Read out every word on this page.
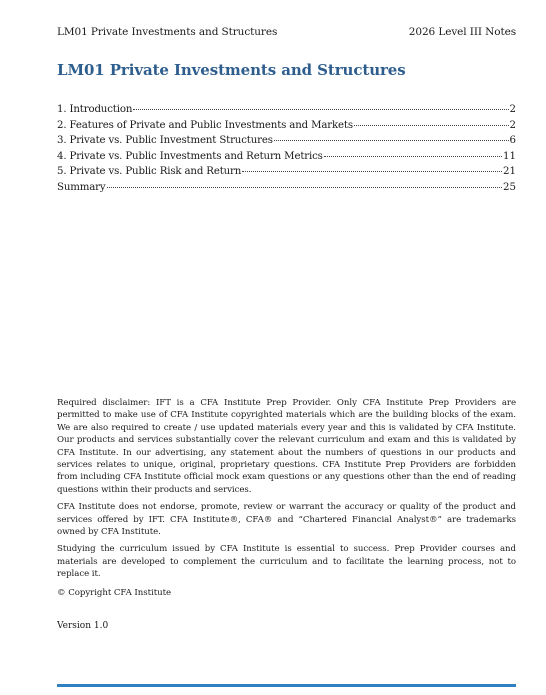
LM01 Private Investments and Structures	2026 Level III Notes
LM01 Private Investments and Structures
1. Introduction	2
2. Features of Private and Public Investments and Markets	2
3. Private vs. Public Investment Structures	6
4. Private vs. Public Investments and Return Metrics	11
5. Private vs. Public Risk and Return	21
Summary	25

Required disclaimer: IFT is a CFA Institute Prep Provider. Only CFA Institute Prep Providers are permitted to make use of CFA Institute copyrighted materials which are the building blocks of the exam. We are also required to create / use updated materials every year and this is validated by CFA Institute. Our products and services substantially cover the relevant curriculum and exam and this is validated by CFA Institute. In our advertising, any statement about the numbers of questions in our products and services relates to unique, original, proprietary questions. CFA Institute Prep Providers are forbidden from including CFA Institute official mock exam questions or any questions other than the end of reading questions within their products and services.

CFA Institute does not endorse, promote, review or warrant the accuracy or quality of the product and services offered by IFT. CFA Institute®, CFA® and “Chartered Financial Analyst®” are trademarks owned by CFA Institute.

Studying the curriculum issued by CFA Institute is essential to success. Prep Provider courses and materials are developed to complement the curriculum and to facilitate the learning process, not to replace it.

© Copyright CFA Institute

Version 1.0
